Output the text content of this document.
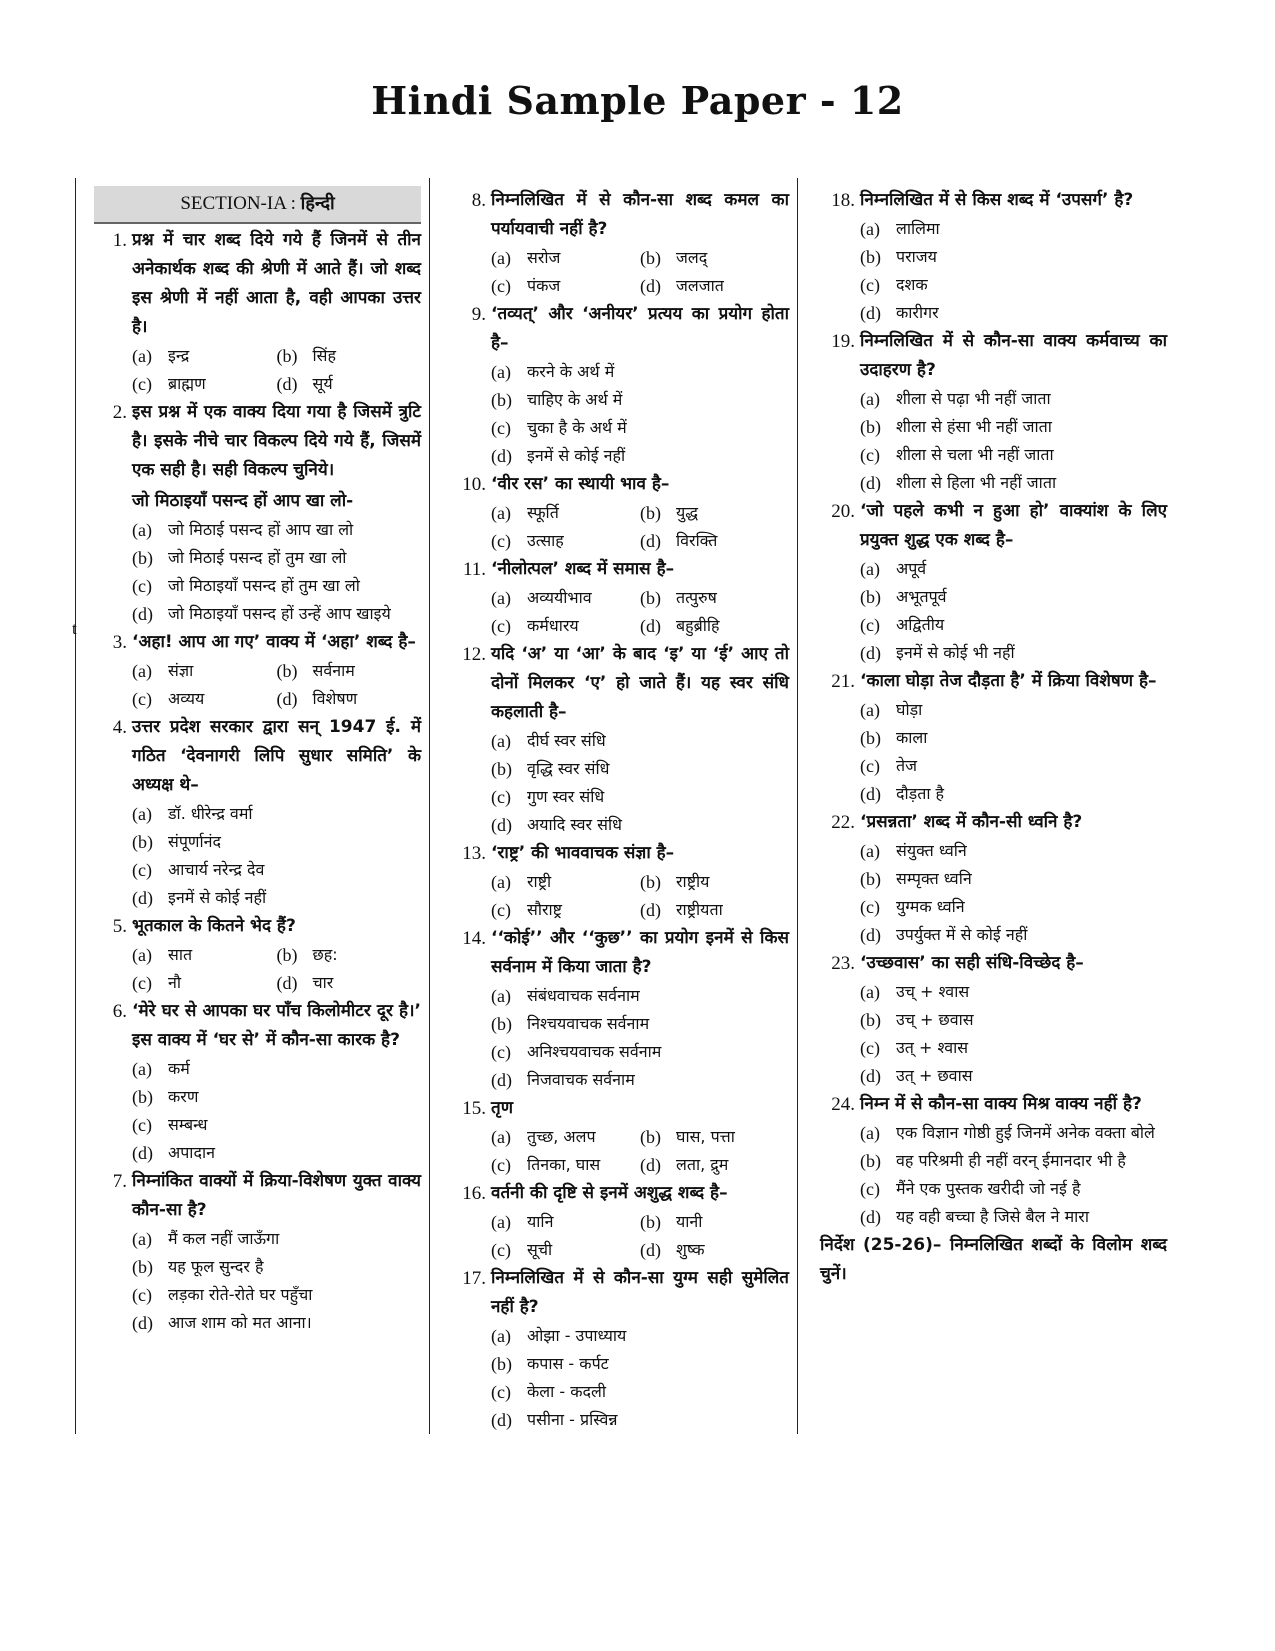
Hindi Sample Paper - 12
t
SECTION-IA : हिन्दी
1. प्रश्न में चार शब्द दिये गये हैं जिनमें से तीन अनेकार्थक शब्द की श्रेणी में आते हैं। जो शब्द इस श्रेणी में नहीं आता है, वही आपका उत्तर है।
(a) इन्द्र	(b) सिंह
(c) ब्राह्मण	(d) सूर्य
2. इस प्रश्न में एक वाक्य दिया गया है जिसमें त्रुटि है। इसके नीचे चार विकल्प दिये गये हैं, जिसमें एक सही है। सही विकल्प चुनिये।
जो मिठाइयाँ पसन्द हों आप खा लो-
(a) जो मिठाई पसन्द हों आप खा लो
(b) जो मिठाई पसन्द हों तुम खा लो
(c) जो मिठाइयाँ पसन्द हों तुम खा लो
(d) जो मिठाइयाँ पसन्द हों उन्हें आप खाइये
3. ‘अहा! आप आ गए’ वाक्य में ‘अहा’ शब्द है–
(a) संज्ञा	(b) सर्वनाम
(c) अव्यय	(d) विशेषण
4. उत्तर प्रदेश सरकार द्वारा सन् 1947 ई. में गठित ‘देवनागरी लिपि सुधार समिति’ के अध्यक्ष थे–
(a) डॉ. धीरेन्द्र वर्मा
(b) संपूर्णानंद
(c) आचार्य नरेन्द्र देव
(d) इनमें से कोई नहीं
5. भूतकाल के कितने भेद हैं?
(a) सात	(b) छह:
(c) नौ	(d) चार
6. ‘मेरे घर से आपका घर पाँच किलोमीटर दूर है।’ इस वाक्य में ‘घर से’ में कौन-सा कारक है?
(a) कर्म
(b) करण
(c) सम्बन्ध
(d) अपादान
7. निम्नांकित वाक्यों में क्रिया-विशेषण युक्त वाक्य कौन-सा है?
(a) मैं कल नहीं जाऊँगा
(b) यह फूल सुन्दर है
(c) लड़का रोते-रोते घर पहुँचा
(d) आज शाम को मत आना।
8. निम्नलिखित में से कौन-सा शब्द कमल का पर्यायवाची नहीं है?
(a) सरोज	(b) जलद्
(c) पंकज	(d) जलजात
9. ‘तव्यत्’ और ‘अनीयर’ प्रत्यय का प्रयोग होता है–
(a) करने के अर्थ में
(b) चाहिए के अर्थ में
(c) चुका है के अर्थ में
(d) इनमें से कोई नहीं
10. ‘वीर रस’ का स्थायी भाव है–
(a) स्फूर्ति	(b) युद्ध
(c) उत्साह	(d) विरक्ति
11. ‘नीलोत्पल’ शब्द में समास है–
(a) अव्ययीभाव	(b) तत्पुरुष
(c) कर्मधारय	(d) बहुब्रीहि
12. यदि ‘अ’ या ‘आ’ के बाद ‘इ’ या ‘ई’ आए तो दोनों मिलकर ‘ए’ हो जाते हैं। यह स्वर संधि कहलाती है–
(a) दीर्घ स्वर संधि
(b) वृद्धि स्वर संधि
(c) गुण स्वर संधि
(d) अयादि स्वर संधि
13. ‘राष्ट्र’ की भाववाचक संज्ञा है–
(a) राष्ट्री	(b) राष्ट्रीय
(c) सौराष्ट्र	(d) राष्ट्रीयता
14. ‘‘कोई’’ और ‘‘कुछ’’ का प्रयोग इनमें से किस सर्वनाम में किया जाता है?
(a) संबंधवाचक सर्वनाम
(b) निश्चयवाचक सर्वनाम
(c) अनिश्चयवाचक सर्वनाम
(d) निजवाचक सर्वनाम
15. तृण
(a) तुच्छ, अलप	(b) घास, पत्ता
(c) तिनका, घास	(d) लता, द्रुम
16. वर्तनी की दृष्टि से इनमें अशुद्ध शब्द है–
(a) यानि	(b) यानी
(c) सूची	(d) शुष्क
17. निम्नलिखित में से कौन-सा युग्म सही सुमेलित नहीं है?
(a) ओझा - उपाध्याय
(b) कपास - कर्पट
(c) केला - कदली
(d) पसीना - प्रस्विन्न
18. निम्नलिखित में से किस शब्द में ‘उपसर्ग’ है?
(a) लालिमा
(b) पराजय
(c) दशक
(d) कारीगर
19. निम्नलिखित में से कौन-सा वाक्य कर्मवाच्य का उदाहरण है?
(a) शीला से पढ़ा भी नहीं जाता
(b) शीला से हंसा भी नहीं जाता
(c) शीला से चला भी नहीं जाता
(d) शीला से हिला भी नहीं जाता
20. ‘जो पहले कभी न हुआ हो’ वाक्यांश के लिए प्रयुक्त शुद्ध एक शब्द है–
(a) अपूर्व
(b) अभूतपूर्व
(c) अद्वितीय
(d) इनमें से कोई भी नहीं
21. ‘काला घोड़ा तेज दौड़ता है’ में क्रिया विशेषण है–
(a) घोड़ा
(b) काला
(c) तेज
(d) दौड़ता है
22. ‘प्रसन्नता’ शब्द में कौन-सी ध्वनि है?
(a) संयुक्त ध्वनि
(b) सम्पृक्त ध्वनि
(c) युग्मक ध्वनि
(d) उपर्युक्त में से कोई नहीं
23. ‘उच्छवास’ का सही संधि-विच्छेद है–
(a) उच् + श्वास
(b) उच् + छवास
(c) उत् + श्वास
(d) उत् + छवास
24. निम्न में से कौन-सा वाक्य मिश्र वाक्य नहीं है?
(a) एक विज्ञान गोष्ठी हुई जिनमें अनेक वक्ता बोले
(b) वह परिश्रमी ही नहीं वरन् ईमानदार भी है
(c) मैंने एक पुस्तक खरीदी जो नई है
(d) यह वही बच्चा है जिसे बैल ने मारा
निर्देश (25-26)– निम्नलिखित शब्दों के विलोम शब्द चुनें।
